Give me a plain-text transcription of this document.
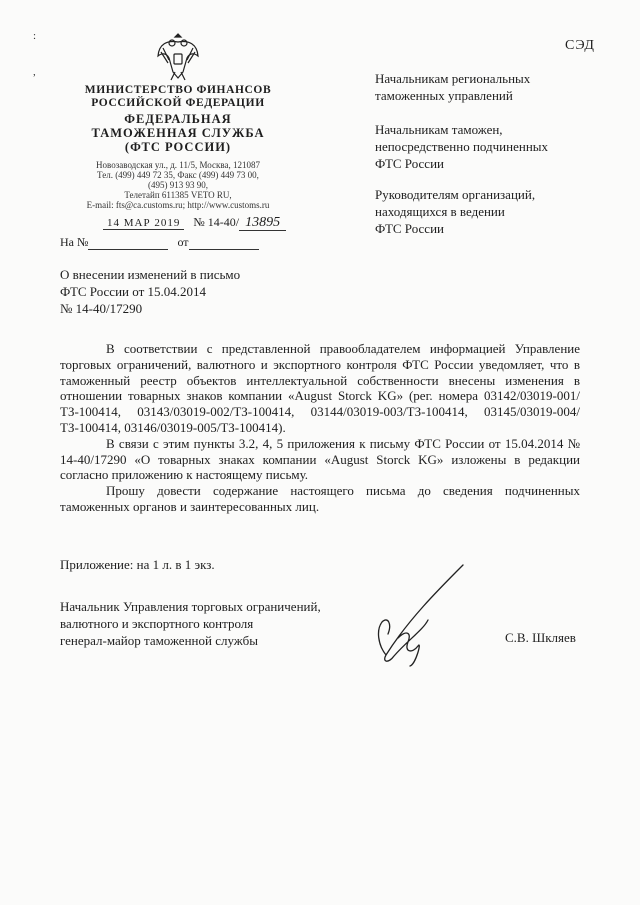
:
,
СЭД
МИНИСТЕРСТВО ФИНАНСОВ
РОССИЙСКОЙ ФЕДЕРАЦИИ
ФЕДЕРАЛЬНАЯ
ТАМОЖЕННАЯ СЛУЖБА
(ФТС РОССИИ)
Новозаводская ул., д. 11/5, Москва, 121087
Тел. (499) 449 72 35, Факс (499) 449 73 00,
(495) 913 93 90,
Телетайп 611385 VETO RU,
E-mail: fts@ca.customs.ru; http://www.customs.ru
14 МАР 2019 № 14-40/ 13895
На №	от
Начальникам региональных
таможенных управлений
Начальникам таможен,
непосредственно подчиненных
ФТС России
Руководителям организаций,
находящихся в ведении
ФТС России
О внесении изменений в письмо
ФТС России от 15.04.2014
№ 14-40/17290

В соответствии с представленной правообладателем информацией Управление торговых ограничений, валютного и экспортного контроля ФТС России уведомляет, что в таможенный реестр объектов интеллектуальной собственности внесены изменения в отношении товарных знаков компании «August Storck KG» (рег. номера 03142/03019-001/ТЗ-100414, 03143/03019-002/ТЗ-100414, 03144/03019-003/ТЗ-100414, 03145/03019-004/ТЗ-100414, 03146/03019-005/ТЗ-100414).

В связи с этим пункты 3.2, 4, 5 приложения к письму ФТС России от 15.04.2014 № 14-40/17290 «О товарных знаках компании «August Storck KG» изложены в редакции согласно приложению к настоящему письму.

Прошу довести содержание настоящего письма до сведения подчиненных таможенных органов и заинтересованных лиц.

Приложение: на 1 л. в 1 экз.
Начальник Управления торговых ограничений,
валютного и экспортного контроля
генерал-майор таможенной службы	С.В. Шкляев
